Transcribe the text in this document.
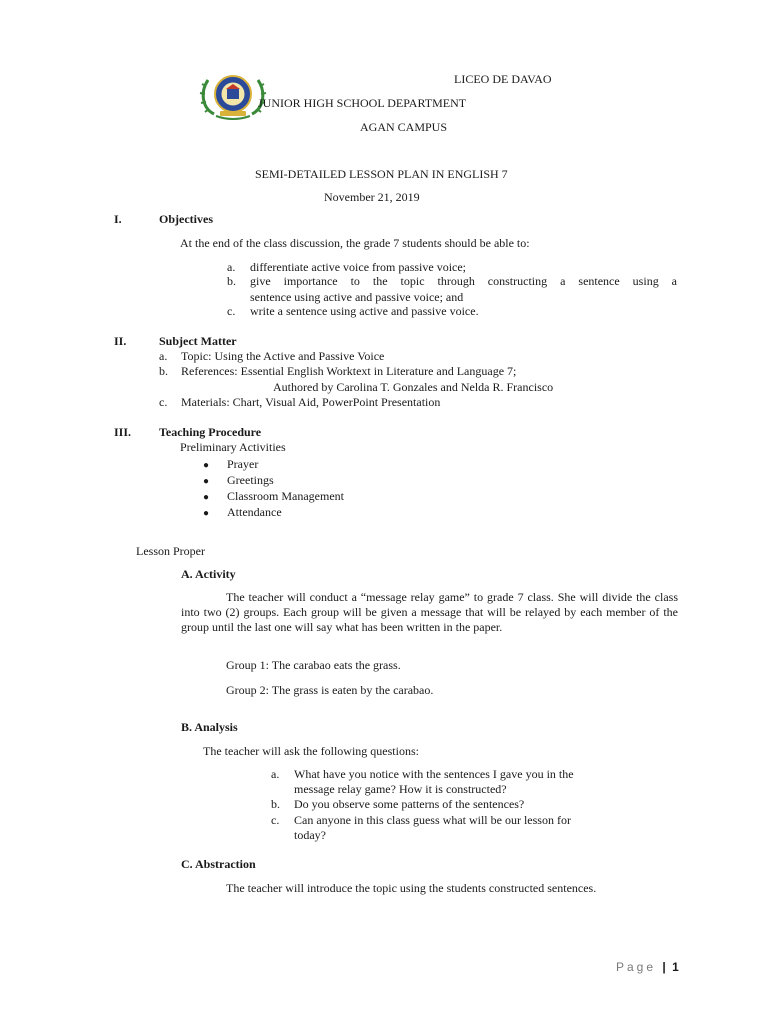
LICEO DE DAVAO
JUNIOR HIGH SCHOOL DEPARTMENT
AGAN CAMPUS
SEMI-DETAILED LESSON PLAN IN ENGLISH 7
November 21, 2019
I.	Objectives
At the end of the class discussion, the grade 7 students should be able to:
a. differentiate active voice from passive voice;
b. give importance to the topic through constructing a sentence using a
sentence using active and passive voice; and
c. write a sentence using active and passive voice.
II.	Subject Matter
a. Topic: Using the Active and Passive Voice
b. References: Essential English Worktext in Literature and Language 7;
Authored by Carolina T. Gonzales and Nelda R. Francisco
c. Materials: Chart, Visual Aid, PowerPoint Presentation
III. Teaching Procedure
Preliminary Activities
● Prayer
● Greetings
● Classroom Management
● Attendance
Lesson Proper
A. Activity
The teacher will conduct a “message relay game” to grade 7 class. She will divide the class into two (2) groups. Each group will be given a message that will be relayed by each member of the group until the last one will say what has been written in the paper.
Group 1: The carabao eats the grass.
Group 2: The grass is eaten by the carabao.
B. Analysis
The teacher will ask the following questions:
a. What have you notice with the sentences I gave you in the
message relay game? How it is constructed?
b. Do you observe some patterns of the sentences?
c. Can anyone in this class guess what will be our lesson for
today?
C. Abstraction
The teacher will introduce the topic using the students constructed sentences.
Page | 1
